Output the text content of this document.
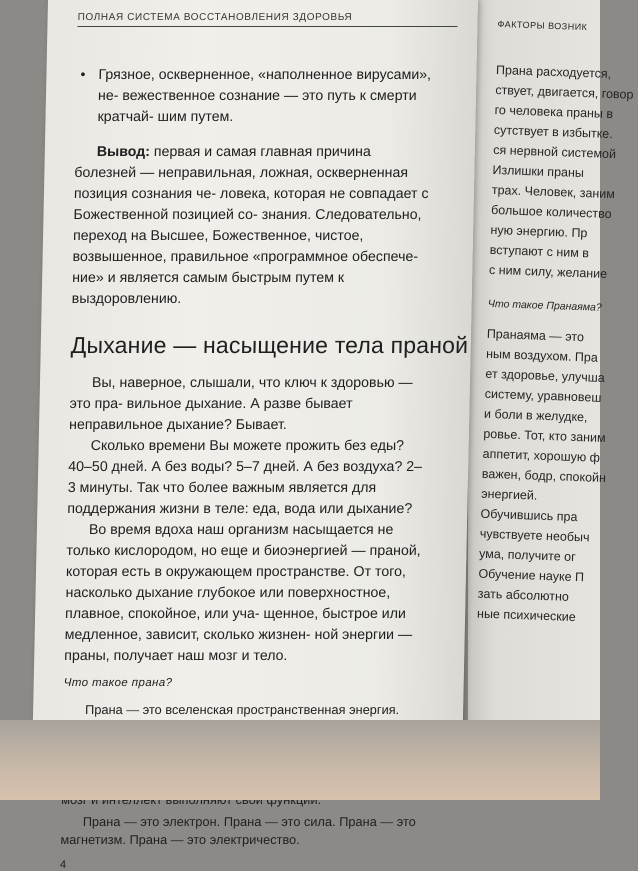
ФАКТОРЫ ВОЗНИК
Прана расходуется,
ствует, двигается, говор
го человека праны в
сутствует в избытке.
ся нервной системой
Излишки праны
трах. Человек, заним
большое количество
ную энергию. Пр
вступают с ним в
с ним силу, желание
Что такое Пранаяма?
Пранаяма — это
ным воздухом. Пра
ет здоровье, улучша
систему, уравновеш
и боли в желудке,
ровье. Тот, кто заним
аппетит, хорошую ф
важен, бодр, спокойн
энергией.
Обучившись пра
чувствуете необыч
ума, получите ог
Обучение науке П
зать абсолютно
ные психические
ПОЛНАЯ СИСТЕМА ВОССТАНОВЛЕНИЯ ЗДОРОВЬЯ
• Грязное, оскверненное, «наполненное вирусами», не- вежественное сознание — это путь к смерти кратчай- шим путем.
Вывод: первая и самая главная причина болезней — неправильная, ложная, оскверненная позиция сознания че- ловека, которая не совпадает с Божественной позицией со- знания. Следовательно, переход на Высшее, Божественное, чистое, возвышенное, правильное «программное обеспече- ние» и является самым быстрым путем к выздоровлению.
Дыхание — насыщение тела праной

Вы, наверное, слышали, что ключ к здоровью — это пра- вильное дыхание. А разве бывает неправильное дыхание? Бывает.

Сколько времени Вы можете прожить без еды? 40–50 дней. А без воды? 5–7 дней. А без воздуха? 2–3 минуты. Так что более важным является для поддержания жизни в теле: еда, вода или дыхание?

Во время вдоха наш организм насыщается не только кислородом, но еще и биоэнергией — праной, которая есть в окружающем пространстве. От того, насколько дыхание глубокое или поверхностное, плавное, спокойное, или уча- щенное, быстрое или медленное, зависит, сколько жизнен- ной энергии — праны, получает наш мозг и тело.

Что такое прана?

Прана — это вселенская пространственная энергия.

Прана — это электрон. Прана — это сила. Прана — это магнетизм. Прана — это электричество.

4
